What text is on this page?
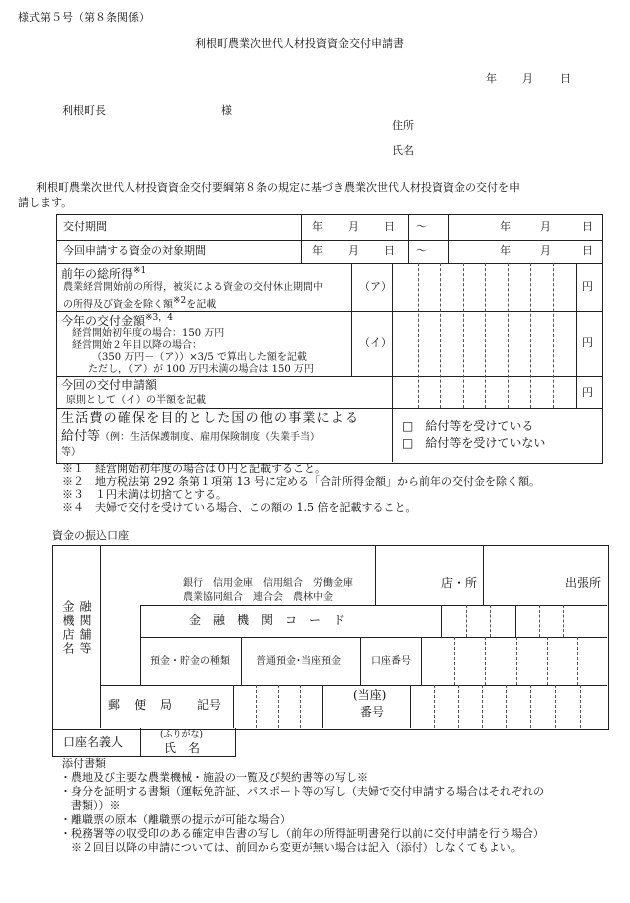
様式第５号（第８条関係）
利根町農業次世代人材投資資金交付申請書
年 月 日
利根町長	様
住所
氏名
利根町農業次世代人材投資資金交付要綱第８条の規定に基づき農業次世代人材投資資金の交付を申
請します。
交付期間	年 月 日 ～	年	月	日
今回申請する資金の対象期間	年 月 日 ～	年	月	日
前年の総所得$^{※1}$
農業経営開始前の所得，被災による資金の交付休止期間中
の所得及び資金を除く額$^{※2}$を記載
（ア）	円
今年の交付金額$^{※3,4}$
経営開始初年度の場合：150 万円
経営開始２年目以降の場合：
（350 万円－（ア））×3/5 で算出した額を記載
ただし，（ア）が 100 万円未満の場合は 150 万円
（イ）	円
今回の交付申請額
原則として（イ）の半額を記載
円
生活費の確保を目的とした国の他の事業による
給付等（例：生活保護制度、雇用保険制度（失業手当）
等）
□　給付等を受けている
□　給付等を受けていない
※１　経営開始初年度の場合は０円と記載すること。
※２　地方税法第 292 条第１項第 13 号に定める「合計所得金額」から前年の交付金を除く額。
※３　１円未満は切捨てとする。
※４　夫婦で交付を受けている場合、この額の 1.5 倍を記載すること。
資金の振込口座
金機店名 融関舗等
銀行　信用金庫　信用組合　労働金庫
農業協同組合　連合会　農林中金
店・所	出張所
金　融　機　関　コ　ー　ド
預金・貯金の種類	普通預金･当座預金	口座番号
郵　便　局 記号
(当座)
番号
口座名義人	(ふりがな)
氏　名
添付書類
・農地及び主要な農業機械・施設の一覧及び契約書等の写し※
・身分を証明する書類（運転免許証、パスポート等の写し（夫婦で交付申請する場合はそれぞれの
　書類））※
・離職票の原本（離職票の提示が可能な場合）
・税務署等の収受印のある確定申告書の写し（前年の所得証明書発行以前に交付申請を行う場合）
　※２回目以降の申請については、前回から変更が無い場合は記入（添付）しなくてもよい。
